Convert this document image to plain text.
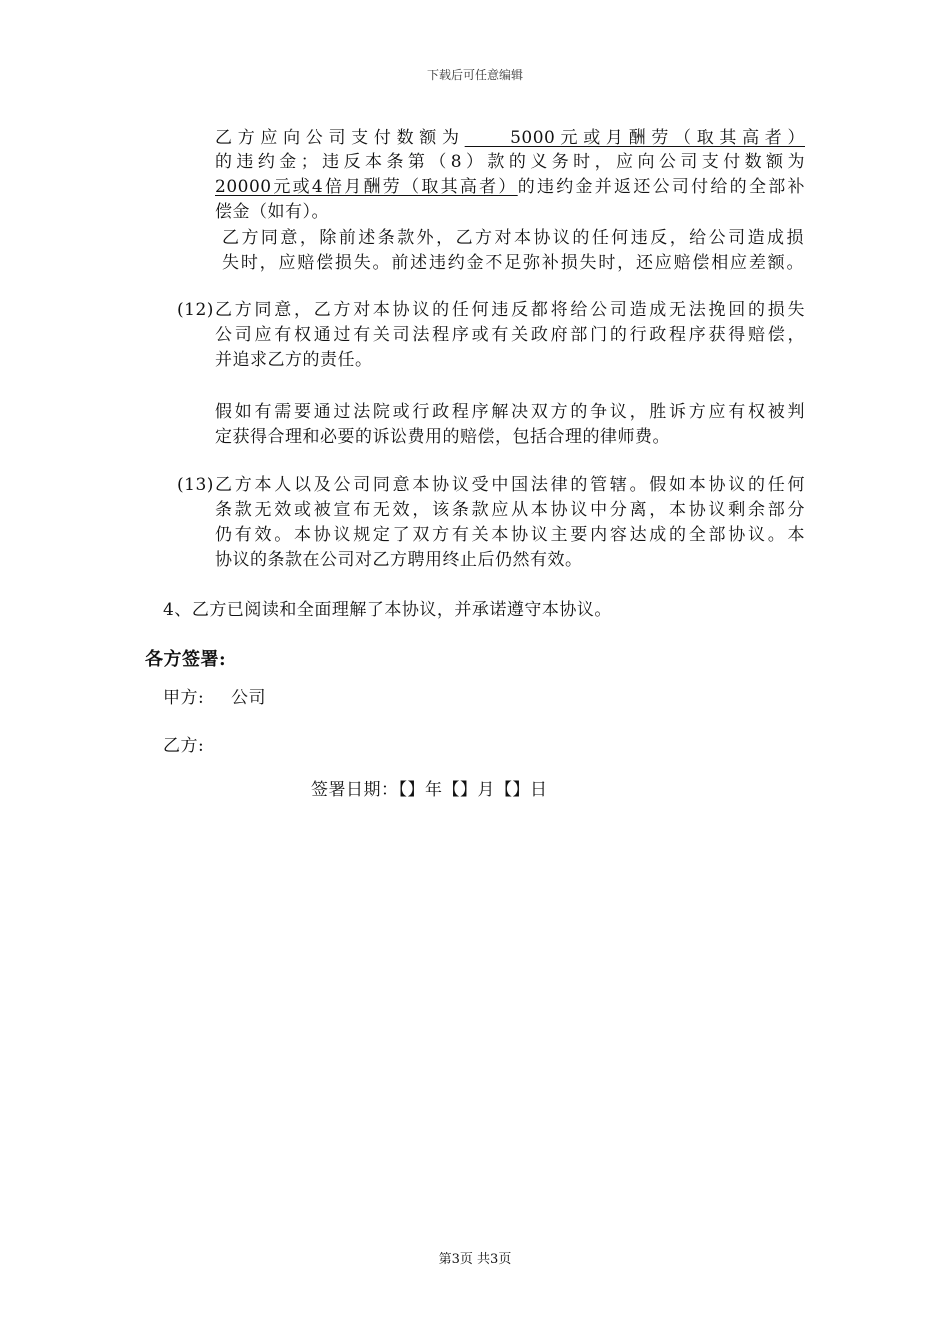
下载后可任意编辑
乙方应向公司支付数额为　　5000元或月酬劳（取其高者）
的违约金；违反本条第（8）款的义务时，应向公司支付数额为
20000元或4倍月酬劳（取其高者）的违约金并返还公司付给的全部补
偿金（如有）。
乙方同意，除前述条款外，乙方对本协议的任何违反，给公司造成损
失时，应赔偿损失。前述违约金不足弥补损失时，还应赔偿相应差额。
(12) 乙方同意，乙方对本协议的任何违反都将给公司造成无法挽回的损失
公司应有权通过有关司法程序或有关政府部门的行政程序获得赔偿，
并追求乙方的责任。
假如有需要通过法院或行政程序解决双方的争议，胜诉方应有权被判
定获得合理和必要的诉讼费用的赔偿，包括合理的律师费。
(13) 乙方本人以及公司同意本协议受中国法律的管辖。假如本协议的任何
条款无效或被宣布无效，该条款应从本协议中分离，本协议剩余部分
仍有效。本协议规定了双方有关本协议主要内容达成的全部协议。本
协议的条款在公司对乙方聘用终止后仍然有效。
4、乙方已阅读和全面理解了本协议，并承诺遵守本协议。
各方签署:
甲方: 公司
乙方:
签署日期：【】年【】月【】日
第3页 共3页
